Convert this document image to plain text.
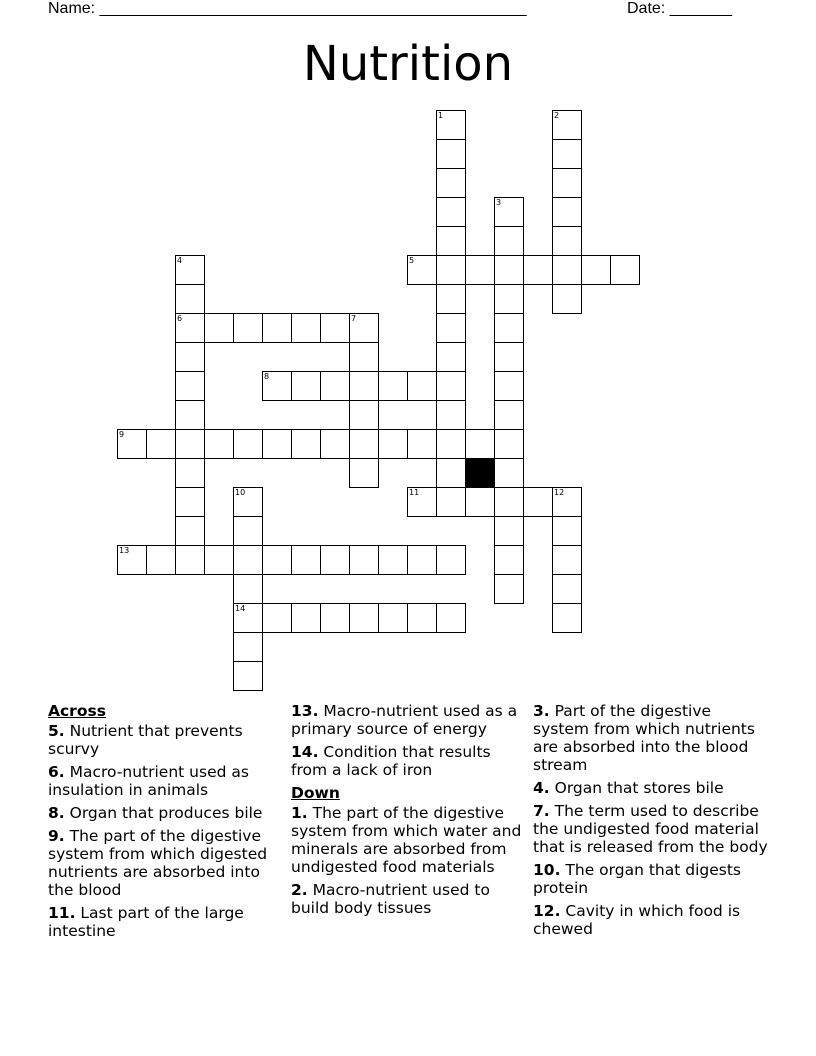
Name: ________________________________________________	Date: _______
Nutrition
1	2
3
4	5
6	7
8
9
10	11	12
13
14
Across
5. Nutrient that prevents scurvy
6. Macro-nutrient used as insulation in animals
8. Organ that produces bile
9. The part of the digestive system from which digested nutrients are absorbed into the blood
11. Last part of the large intestine
13. Macro-nutrient used as a primary source of energy
14. Condition that results from a lack of iron
Down
1. The part of the digestive system from which water and minerals are absorbed from undigested food materials
2. Macro-nutrient used to build body tissues
3. Part of the digestive system from which nutrients are absorbed into the blood stream
4. Organ that stores bile
7. The term used to describe the undigested food material that is released from the body
10. The organ that digests protein
12. Cavity in which food is chewed
